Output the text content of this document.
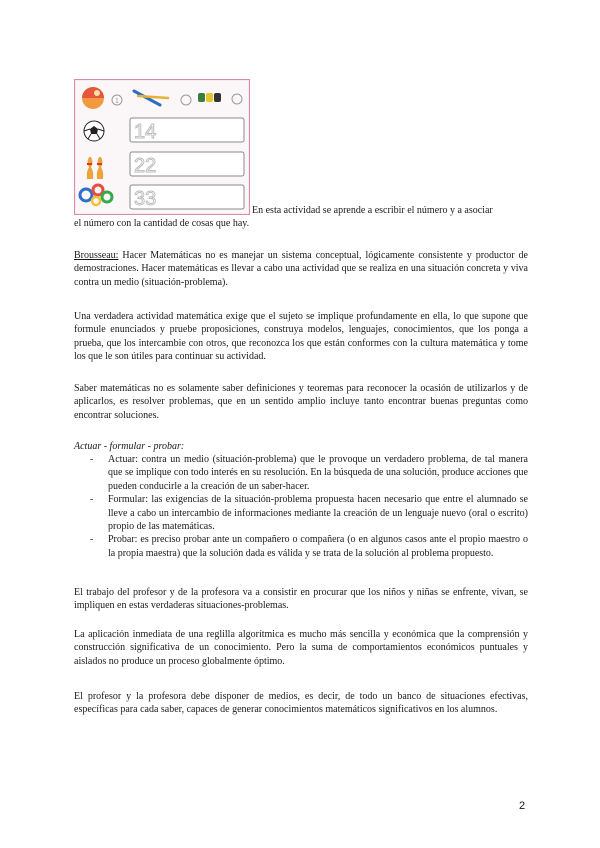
1
14
22
33
En esta actividad se aprende a escribir el número y a asociar
el número con la cantidad de cosas que hay.

Brousseau: Hacer Matemáticas no es manejar un sistema conceptual, lógicamente consistente y productor de demostraciones. Hacer matemáticas es llevar a cabo una actividad que se realiza en una situación concreta y viva contra un medio (situación-problema).

Una verdadera actividad matemática exige que el sujeto se implique profundamente en ella, lo que supone que formule enunciados y pruebe proposiciones, construya modelos, lenguajes, conocimientos, que los ponga a prueba, que los intercambie con otros, que reconozca los que están conformes con la cultura matemática y tome los que le son útiles para continuar su actividad.

Saber matemáticas no es solamente saber definiciones y teoremas para reconocer la ocasión de utilizarlos y de aplicarlos, es resolver problemas, que en un sentido amplio incluye tanto encontrar buenas preguntas como encontrar soluciones.

Actuar - formular - probar:
-	Actuar: contra un medio (situación-problema) que le provoque un verdadero problema, de tal manera que se implique con todo interés en su resolución. En la búsqueda de una solución, produce acciones que pueden conducirle a la creación de un saber-hacer.
-	Formular: las exigencias de la situación-problema propuesta hacen necesario que entre el alumnado se lleve a cabo un intercambio de informaciones mediante la creación de un lenguaje nuevo (oral o escrito) propio de las matemáticas.
-	Probar: es preciso probar ante un compañero o compañera (o en algunos casos ante el propio maestro o la propia maestra) que la solución dada es válida y se trata de la solución al problema propuesto.

El trabajo del profesor y de la profesora va a consistir en procurar que los niños y niñas se enfrente, vivan, se impliquen en estas verdaderas situaciones-problemas.

La aplicación inmediata de una reglilla algorítmica es mucho más sencilla y económica que la comprensión y construcción significativa de un conocimiento. Pero la suma de comportamientos económicos puntuales y aislados no produce un proceso globalmente óptimo.

El profesor y la profesora debe disponer de medios, es decir, de todo un banco de situaciones efectivas, específicas para cada saber, capaces de generar conocimientos matemáticos significativos en los alumnos.

2
